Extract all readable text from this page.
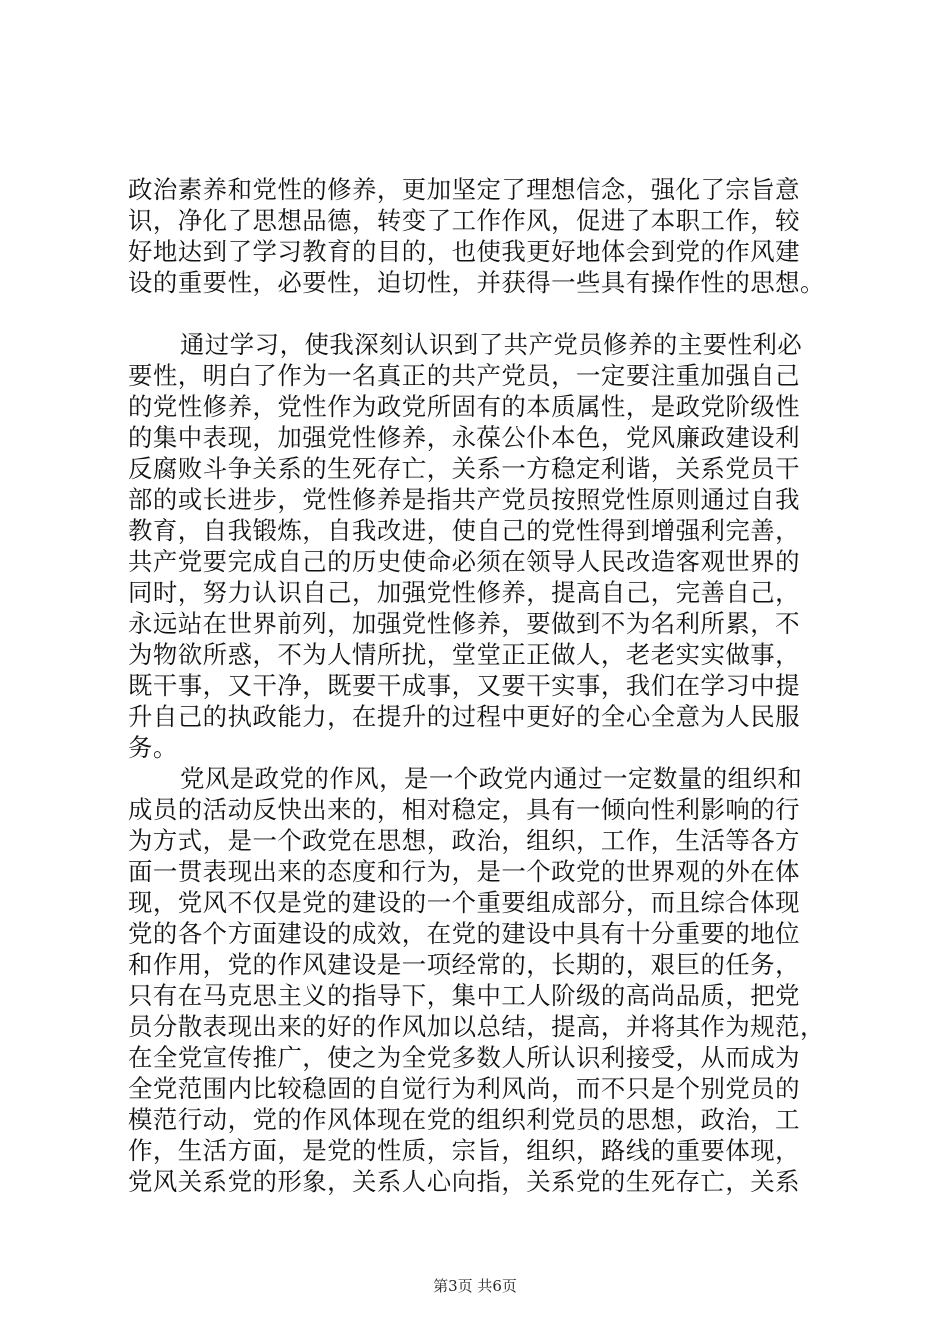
政治素养和党性的修养，更加坚定了理想信念，强化了宗旨意
识，净化了思想品德，转变了工作作风，促进了本职工作，较
好地达到了学习教育的目的，也使我更好地体会到党的作风建
设的重要性，必要性，迫切性，并获得一些具有操作性的思想。
通过学习，使我深刻认识到了共产党员修养的主要性利必
要性，明白了作为一名真正的共产党员，一定要注重加强自己
的党性修养，党性作为政党所固有的本质属性，是政党阶级性
的集中表现，加强党性修养，永葆公仆本色，党风廉政建设利
反腐败斗争关系的生死存亡，关系一方稳定利谐，关系党员干
部的或长进步，党性修养是指共产党员按照党性原则通过自我
教育，自我锻炼，自我改进，使自己的党性得到增强利完善，
共产党要完成自己的历史使命必须在领导人民改造客观世界的
同时，努力认识自己，加强党性修养，提高自己，完善自己，
永远站在世界前列，加强党性修养，要做到不为名利所累，不
为物欲所惑，不为人情所扰，堂堂正正做人，老老实实做事，
既干事，又干净，既要干成事，又要干实事，我们在学习中提
升自己的执政能力，在提升的过程中更好的全心全意为人民服
务。
党风是政党的作风，是一个政党内通过一定数量的组织和
成员的活动反快出来的，相对稳定，具有一倾向性利影响的行
为方式，是一个政党在思想，政治，组织，工作，生活等各方
面一贯表现出来的态度和行为，是一个政党的世界观的外在体
现，党风不仅是党的建设的一个重要组成部分，而且综合体现
党的各个方面建设的成效，在党的建设中具有十分重要的地位
和作用，党的作风建设是一项经常的，长期的，艰巨的任务，
只有在马克思主义的指导下，集中工人阶级的高尚品质，把党
员分散表现出来的好的作风加以总结，提高，并将其作为规范，
在全党宣传推广，使之为全党多数人所认识利接受，从而成为
全党范围内比较稳固的自觉行为利风尚，而不只是个别党员的
模范行动，党的作风体现在党的组织利党员的思想，政治，工
作，生活方面，是党的性质，宗旨，组织，路线的重要体现，
党风关系党的形象，关系人心向指，关系党的生死存亡，关系
第3页 共6页
